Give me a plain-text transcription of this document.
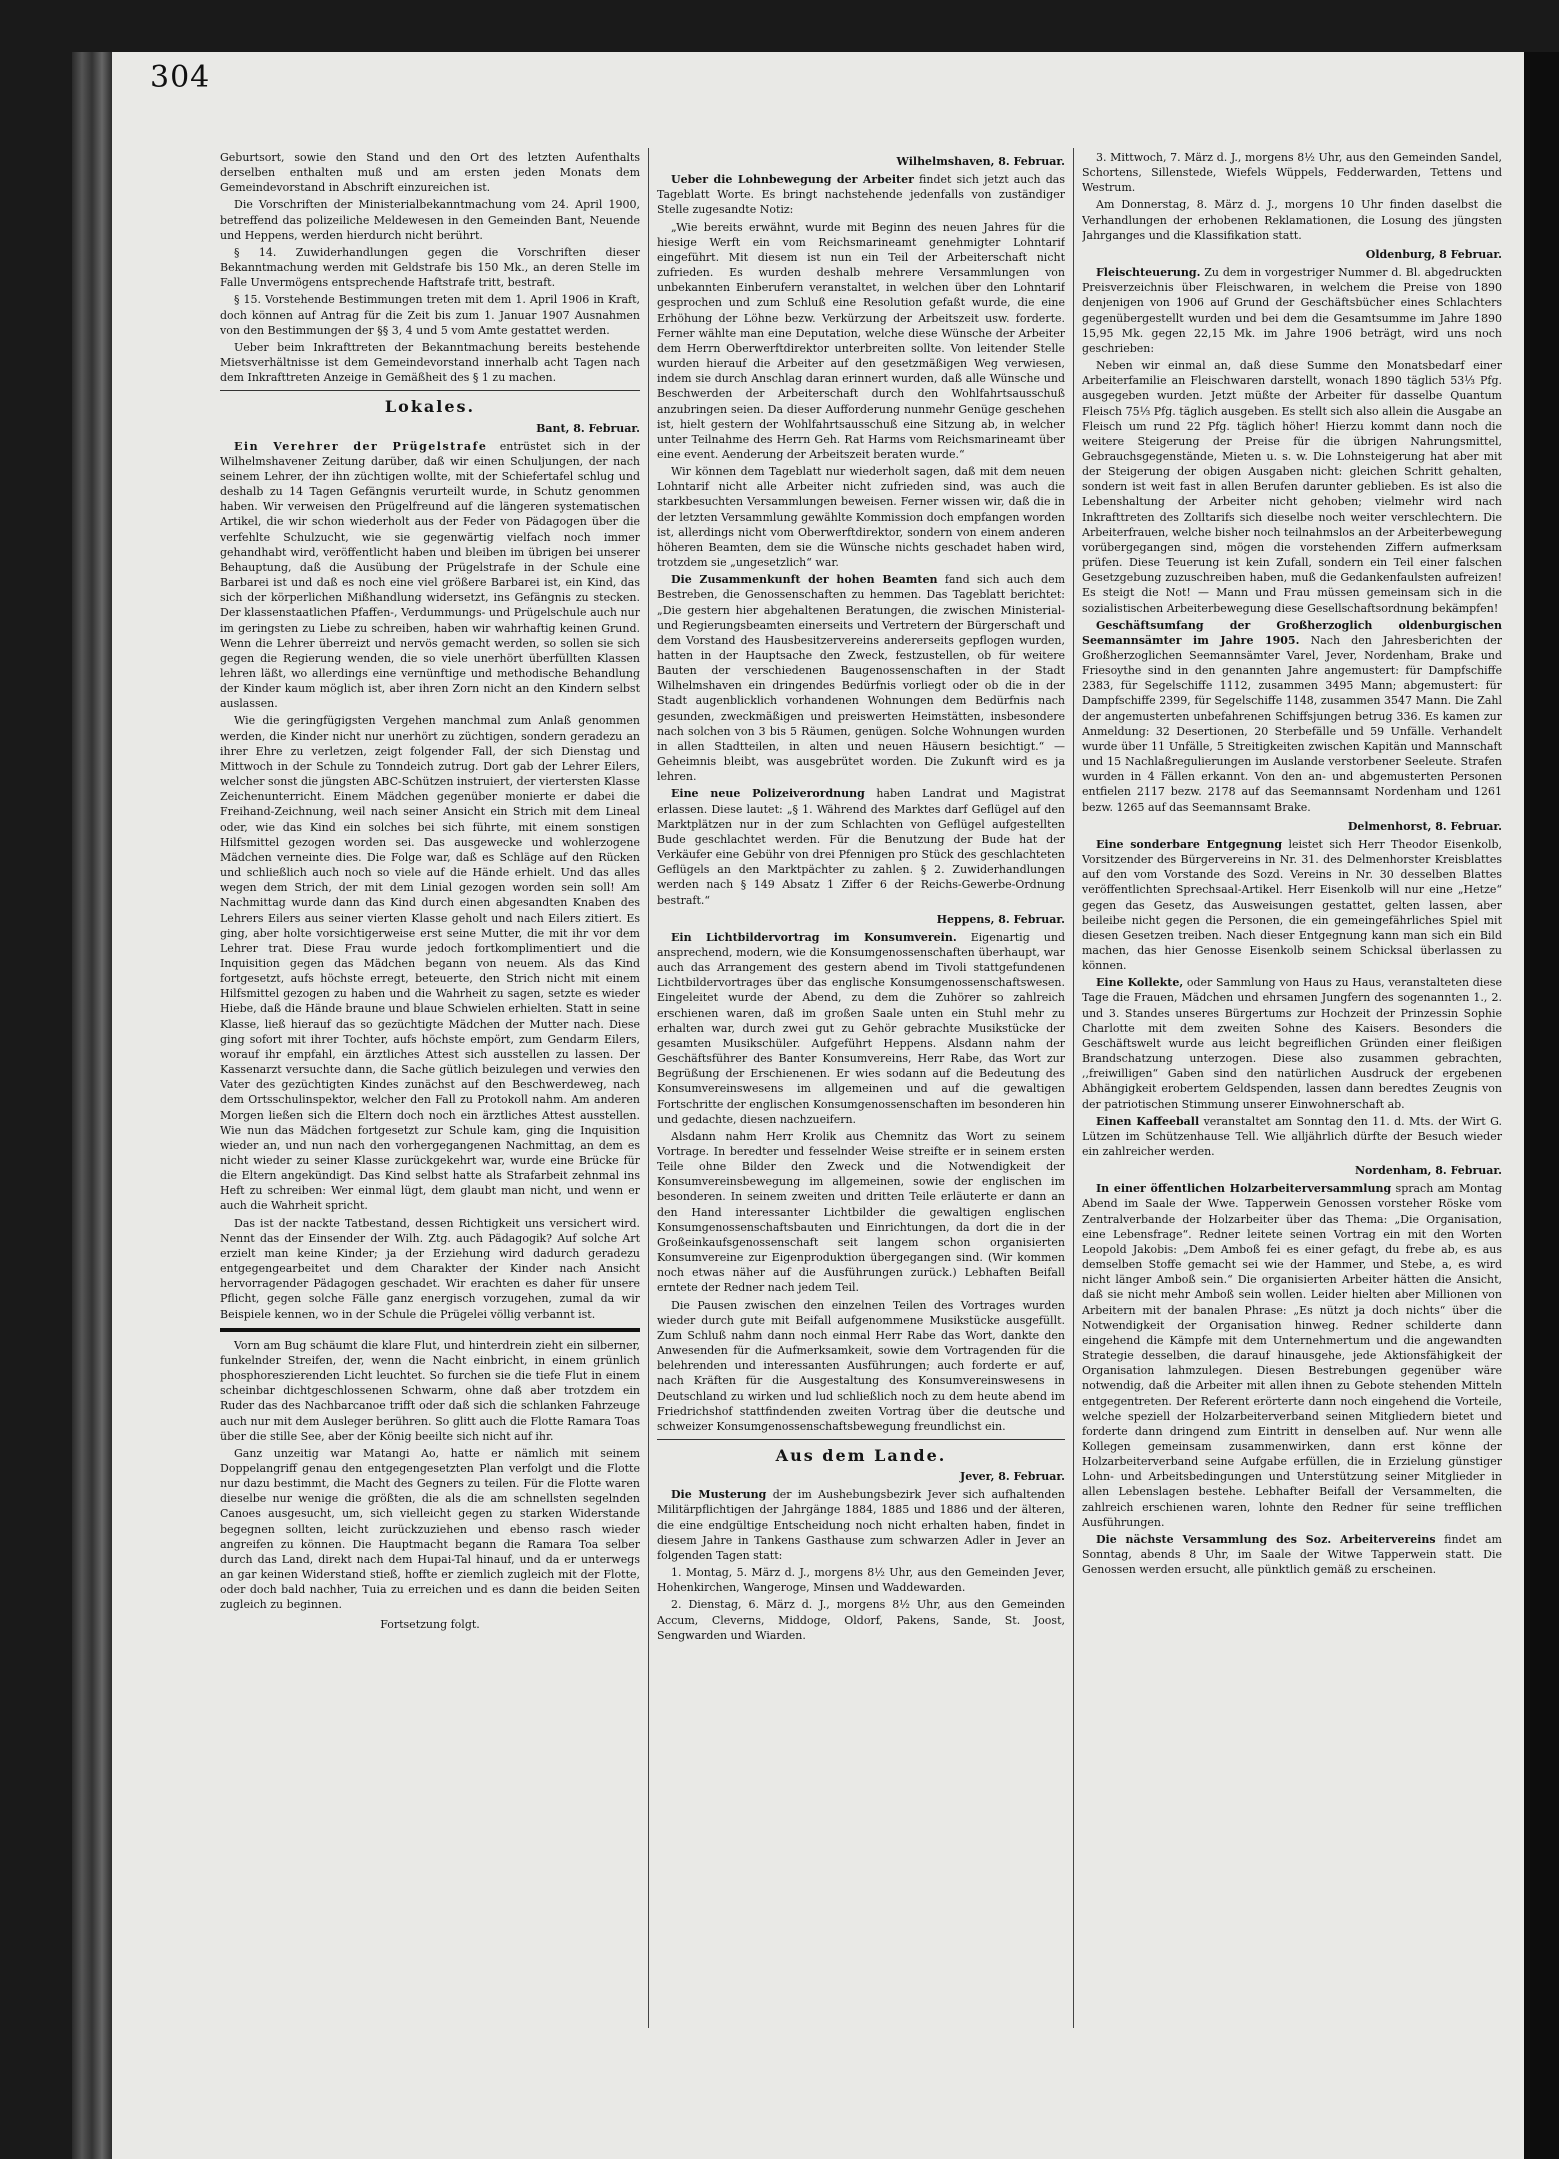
304

Geburtsort, sowie den Stand und den Ort des letzten Aufenthalts derselben enthalten muß und am ersten jeden Monats dem Gemeindevorstand in Abschrift einzureichen ist.

Die Vorschriften der Ministerialbekanntmachung vom 24. April 1900, betreffend das polizeiliche Meldewesen in den Gemeinden Bant, Neuende und Heppens, werden hierdurch nicht berührt.

§ 14. Zuwiderhandlungen gegen die Vorschriften dieser Bekanntmachung werden mit Geldstrafe bis 150 Mk., an deren Stelle im Falle Unvermögens entsprechende Haftstrafe tritt, bestraft.

§ 15. Vorstehende Bestimmungen treten mit dem 1. April 1906 in Kraft, doch können auf Antrag für die Zeit bis zum 1. Januar 1907 Ausnahmen von den Bestimmungen der §§ 3, 4 und 5 vom Amte gestattet werden.

Ueber beim Inkrafttreten der Bekanntmachung bereits bestehende Mietsverhältnisse ist dem Gemeindevorstand innerhalb acht Tagen nach dem Inkrafttreten Anzeige in Gemäßheit des § 1 zu machen.

Lokales.
Bant, 8. Februar.

Ein Verehrer der Prügelstrafe entrüstet sich in der Wilhelmshavener Zeitung darüber, daß wir einen Schuljungen, der nach seinem Lehrer, der ihn züchtigen wollte, mit der Schiefertafel schlug und deshalb zu 14 Tagen Gefängnis verurteilt wurde, in Schutz genommen haben. Wir verweisen den Prügelfreund auf die längeren systematischen Artikel, die wir schon wiederholt aus der Feder von Pädagogen über die verfehlte Schulzucht, wie sie gegenwärtig vielfach noch immer gehandhabt wird, veröffentlicht haben und bleiben im übrigen bei unserer Behauptung, daß die Ausübung der Prügelstrafe in der Schule eine Barbarei ist und daß es noch eine viel größere Barbarei ist, ein Kind, das sich der körperlichen Mißhandlung widersetzt, ins Gefängnis zu stecken. Der klassenstaatlichen Pfaffen-, Verdummungs- und Prügelschule auch nur im geringsten zu Liebe zu schreiben, haben wir wahrhaftig keinen Grund. Wenn die Lehrer überreizt und nervös gemacht werden, so sollen sie sich gegen die Regierung wenden, die so viele unerhört überfüllten Klassen lehren läßt, wo allerdings eine vernünftige und methodische Behandlung der Kinder kaum möglich ist, aber ihren Zorn nicht an den Kindern selbst auslassen.

Wie die geringfügigsten Vergehen manchmal zum Anlaß genommen werden, die Kinder nicht nur unerhört zu züchtigen, sondern geradezu an ihrer Ehre zu verletzen, zeigt folgender Fall, der sich Dienstag und Mittwoch in der Schule zu Tonndeich zutrug. Dort gab der Lehrer Eilers, welcher sonst die jüngsten ABC-Schützen instruiert, der viertersten Klasse Zeichenunterricht. Einem Mädchen gegenüber monierte er dabei die Freihand-Zeichnung, weil nach seiner Ansicht ein Strich mit dem Lineal oder, wie das Kind ein solches bei sich führte, mit einem sonstigen Hilfsmittel gezogen worden sei. Das ausgewecke und wohlerzogene Mädchen verneinte dies. Die Folge war, daß es Schläge auf den Rücken und schließlich auch noch so viele auf die Hände erhielt. Und das alles wegen dem Strich, der mit dem Linial gezogen worden sein soll! Am Nachmittag wurde dann das Kind durch einen abgesandten Knaben des Lehrers Eilers aus seiner vierten Klasse geholt und nach Eilers zitiert. Es ging, aber holte vorsichtigerweise erst seine Mutter, die mit ihr vor dem Lehrer trat. Diese Frau wurde jedoch fortkomplimentiert und die Inquisition gegen das Mädchen begann von neuem. Als das Kind fortgesetzt, aufs höchste erregt, beteuerte, den Strich nicht mit einem Hilfsmittel gezogen zu haben und die Wahrheit zu sagen, setzte es wieder Hiebe, daß die Hände braune und blaue Schwielen erhielten. Statt in seine Klasse, ließ hierauf das so gezüchtigte Mädchen der Mutter nach. Diese ging sofort mit ihrer Tochter, aufs höchste empört, zum Gendarm Eilers, worauf ihr empfahl, ein ärztliches Attest sich ausstellen zu lassen. Der Kassenarzt versuchte dann, die Sache gütlich beizulegen und verwies den Vater des gezüchtigten Kindes zunächst auf den Beschwerdeweg, nach dem Ortsschulinspektor, welcher den Fall zu Protokoll nahm. Am anderen Morgen ließen sich die Eltern doch noch ein ärztliches Attest ausstellen. Wie nun das Mädchen fortgesetzt zur Schule kam, ging die Inquisition wieder an, und nun nach den vorhergegangenen Nachmittag, an dem es nicht wieder zu seiner Klasse zurückgekehrt war, wurde eine Brücke für die Eltern angekündigt. Das Kind selbst hatte als Strafarbeit zehnmal ins Heft zu schreiben: Wer einmal lügt, dem glaubt man nicht, und wenn er auch die Wahrheit spricht.

Das ist der nackte Tatbestand, dessen Richtigkeit uns versichert wird. Nennt das der Einsender der Wilh. Ztg. auch Pädagogik? Auf solche Art erzielt man keine Kinder; ja der Erziehung wird dadurch geradezu entgegengearbeitet und dem Charakter der Kinder nach Ansicht hervorragender Pädagogen geschadet. Wir erachten es daher für unsere Pflicht, gegen solche Fälle ganz energisch vorzugehen, zumal da wir Beispiele kennen, wo in der Schule die Prügelei völlig verbannt ist.

Vorn am Bug schäumt die klare Flut, und hinterdrein zieht ein silberner, funkelnder Streifen, der, wenn die Nacht einbricht, in einem grünlich phosphoreszierenden Licht leuchtet. So furchen sie die tiefe Flut in einem scheinbar dichtgeschlossenen Schwarm, ohne daß aber trotzdem ein Ruder das des Nachbarcanoe trifft oder daß sich die schlanken Fahrzeuge auch nur mit dem Ausleger berühren. So glitt auch die Flotte Ramara Toas über die stille See, aber der König beeilte sich nicht auf ihr.

Ganz unzeitig war Matangi Ao, hatte er nämlich mit seinem Doppelangriff genau den entgegengesetzten Plan verfolgt und die Flotte nur dazu bestimmt, die Macht des Gegners zu teilen. Für die Flotte waren dieselbe nur wenige die größten, die als die am schnellsten segelnden Canoes ausgesucht, um, sich vielleicht gegen zu starken Widerstande begegnen sollten, leicht zurückzuziehen und ebenso rasch wieder angreifen zu können. Die Hauptmacht begann die Ramara Toa selber durch das Land, direkt nach dem Hupai-Tal hinauf, und da er unterwegs an gar keinen Widerstand stieß, hoffte er ziemlich zugleich mit der Flotte, oder doch bald nachher, Tuia zu erreichen und es dann die beiden Seiten zugleich zu beginnen.

Fortsetzung folgt.
Wilhelmshaven, 8. Februar.

Ueber die Lohnbewegung der Arbeiter findet sich jetzt auch das Tageblatt Worte. Es bringt nachstehende jedenfalls von zuständiger Stelle zugesandte Notiz:

„Wie bereits erwähnt, wurde mit Beginn des neuen Jahres für die hiesige Werft ein vom Reichsmarineamt genehmigter Lohntarif eingeführt. Mit diesem ist nun ein Teil der Arbeiterschaft nicht zufrieden. Es wurden deshalb mehrere Versammlungen von unbekannten Einberufern veranstaltet, in welchen über den Lohntarif gesprochen und zum Schluß eine Resolution gefaßt wurde, die eine Erhöhung der Löhne bezw. Verkürzung der Arbeitszeit usw. forderte. Ferner wählte man eine Deputation, welche diese Wünsche der Arbeiter dem Herrn Oberwerftdirektor unterbreiten sollte. Von leitender Stelle wurden hierauf die Arbeiter auf den gesetzmäßigen Weg verwiesen, indem sie durch Anschlag daran erinnert wurden, daß alle Wünsche und Beschwerden der Arbeiterschaft durch den Wohlfahrtsausschuß anzubringen seien. Da dieser Aufforderung nunmehr Genüge geschehen ist, hielt gestern der Wohlfahrtsausschuß eine Sitzung ab, in welcher unter Teilnahme des Herrn Geh. Rat Harms vom Reichsmarineamt über eine event. Aenderung der Arbeitszeit beraten wurde.“

Wir können dem Tageblatt nur wiederholt sagen, daß mit dem neuen Lohntarif nicht alle Arbeiter nicht zufrieden sind, was auch die starkbesuchten Versammlungen beweisen. Ferner wissen wir, daß die in der letzten Versammlung gewählte Kommission doch empfangen worden ist, allerdings nicht vom Oberwerftdirektor, sondern von einem anderen höheren Beamten, dem sie die Wünsche nichts geschadet haben wird, trotzdem sie „ungesetzlich“ war.

Die Zusammenkunft der hohen Beamten fand sich auch dem Bestreben, die Genossenschaften zu hemmen. Das Tageblatt berichtet: „Die gestern hier abgehaltenen Beratungen, die zwischen Ministerial- und Regierungsbeamten einerseits und Vertretern der Bürgerschaft und dem Vorstand des Hausbesitzervereins andererseits gepflogen wurden, hatten in der Hauptsache den Zweck, festzustellen, ob für weitere Bauten der verschiedenen Baugenossenschaften in der Stadt Wilhelmshaven ein dringendes Bedürfnis vorliegt oder ob die in der Stadt augenblicklich vorhandenen Wohnungen dem Bedürfnis nach gesunden, zweckmäßigen und preiswerten Heimstätten, insbesondere nach solchen von 3 bis 5 Räumen, genügen. Solche Wohnungen wurden in allen Stadtteilen, in alten und neuen Häusern besichtigt.“ — Geheimnis bleibt, was ausgebrütet worden. Die Zukunft wird es ja lehren.

Eine neue Polizeiverordnung haben Landrat und Magistrat erlassen. Diese lautet: „§ 1. Während des Marktes darf Geflügel auf den Marktplätzen nur in der zum Schlachten von Geflügel aufgestellten Bude geschlachtet werden. Für die Benutzung der Bude hat der Verkäufer eine Gebühr von drei Pfennigen pro Stück des geschlachteten Geflügels an den Marktpächter zu zahlen. § 2. Zuwiderhandlungen werden nach § 149 Absatz 1 Ziffer 6 der Reichs-Gewerbe-Ordnung bestraft.“

Heppens, 8. Februar.

Ein Lichtbildervortrag im Konsumverein. Eigenartig und ansprechend, modern, wie die Konsumgenossenschaften überhaupt, war auch das Arrangement des gestern abend im Tivoli stattgefundenen Lichtbildervortrages über das englische Konsumgenossenschaftswesen. Eingeleitet wurde der Abend, zu dem die Zuhörer so zahlreich erschienen waren, daß im großen Saale unten ein Stuhl mehr zu erhalten war, durch zwei gut zu Gehör gebrachte Musikstücke der gesamten Musikschüler. Aufgeführt Heppens. Alsdann nahm der Geschäftsführer des Banter Konsumvereins, Herr Rabe, das Wort zur Begrüßung der Erschienenen. Er wies sodann auf die Bedeutung des Konsumvereinswesens im allgemeinen und auf die gewaltigen Fortschritte der englischen Konsumgenossenschaften im besonderen hin und gedachte, diesen nachzueifern.

Alsdann nahm Herr Krolik aus Chemnitz das Wort zu seinem Vortrage. In beredter und fesselnder Weise streifte er in seinem ersten Teile ohne Bilder den Zweck und die Notwendigkeit der Konsumvereinsbewegung im allgemeinen, sowie der englischen im besonderen. In seinem zweiten und dritten Teile erläuterte er dann an den Hand interessanter Lichtbilder die gewaltigen englischen Konsumgenossenschaftsbauten und Einrichtungen, da dort die in der Großeinkaufsgenossenschaft seit langem schon organisierten Konsumvereine zur Eigenproduktion übergegangen sind. (Wir kommen noch etwas näher auf die Ausführungen zurück.) Lebhaften Beifall erntete der Redner nach jedem Teil.

Die Pausen zwischen den einzelnen Teilen des Vortrages wurden wieder durch gute mit Beifall aufgenommene Musikstücke ausgefüllt. Zum Schluß nahm dann noch einmal Herr Rabe das Wort, dankte den Anwesenden für die Aufmerksamkeit, sowie dem Vortragenden für die belehrenden und interessanten Ausführungen; auch forderte er auf, nach Kräften für die Ausgestaltung des Konsumvereinswesens in Deutschland zu wirken und lud schließlich noch zu dem heute abend im Friedrichshof stattfindenden zweiten Vortrag über die deutsche und schweizer Konsumgenossenschaftsbewegung freundlichst ein.

Aus dem Lande.
Jever, 8. Februar.

Die Musterung der im Aushebungsbezirk Jever sich aufhaltenden Militärpflichtigen der Jahrgänge 1884, 1885 und 1886 und der älteren, die eine endgültige Entscheidung noch nicht erhalten haben, findet in diesem Jahre in Tankens Gasthause zum schwarzen Adler in Jever an folgenden Tagen statt:

1. Montag, 5. März d. J., morgens 8½ Uhr, aus den Gemeinden Jever, Hohenkirchen, Wangeroge, Minsen und Waddewarden.

2. Dienstag, 6. März d. J., morgens 8½ Uhr, aus den Gemeinden Accum, Cleverns, Middoge, Oldorf, Pakens, Sande, St. Joost, Sengwarden und Wiarden.

3. Mittwoch, 7. März d. J., morgens 8½ Uhr, aus den Gemeinden Sandel, Schortens, Sillenstede, Wiefels Wüppels, Fedderwarden, Tettens und Westrum.

Am Donnerstag, 8. März d. J., morgens 10 Uhr finden daselbst die Verhandlungen der erhobenen Reklamationen, die Losung des jüngsten Jahrganges und die Klassifikation statt.

Oldenburg, 8 Februar.

Fleischteuerung. Zu dem in vorgestriger Nummer d. Bl. abgedruckten Preisverzeichnis über Fleischwaren, in welchem die Preise von 1890 denjenigen von 1906 auf Grund der Geschäftsbücher eines Schlachters gegenübergestellt wurden und bei dem die Gesamtsumme im Jahre 1890 15,95 Mk. gegen 22,15 Mk. im Jahre 1906 beträgt, wird uns noch geschrieben:

Neben wir einmal an, daß diese Summe den Monatsbedarf einer Arbeiterfamilie an Fleischwaren darstellt, wonach 1890 täglich 53⅓ Pfg. ausgegeben wurden. Jetzt müßte der Arbeiter für dasselbe Quantum Fleisch 75⅓ Pfg. täglich ausgeben. Es stellt sich also allein die Ausgabe an Fleisch um rund 22 Pfg. täglich höher! Hierzu kommt dann noch die weitere Steigerung der Preise für die übrigen Nahrungsmittel, Gebrauchsgegenstände, Mieten u. s. w. Die Lohnsteigerung hat aber mit der Steigerung der obigen Ausgaben nicht: gleichen Schritt gehalten, sondern ist weit fast in allen Berufen darunter geblieben. Es ist also die Lebenshaltung der Arbeiter nicht gehoben; vielmehr wird nach Inkrafttreten des Zolltarifs sich dieselbe noch weiter verschlechtern. Die Arbeiterfrauen, welche bisher noch teilnahmslos an der Arbeiterbewegung vorübergegangen sind, mögen die vorstehenden Ziffern aufmerksam prüfen. Diese Teuerung ist kein Zufall, sondern ein Teil einer falschen Gesetzgebung zuzuschreiben haben, muß die Gedankenfaulsten aufreizen! Es steigt die Not! — Mann und Frau müssen gemeinsam sich in die sozialistischen Arbeiterbewegung diese Gesellschaftsordnung bekämpfen!

Geschäftsumfang der Großherzoglich oldenburgischen Seemannsämter im Jahre 1905. Nach den Jahresberichten der Großherzoglichen Seemannsämter Varel, Jever, Nordenham, Brake und Friesoythe sind in den genannten Jahre angemustert: für Dampfschiffe 2383, für Segelschiffe 1112, zusammen 3495 Mann; abgemustert: für Dampfschiffe 2399, für Segelschiffe 1148, zusammen 3547 Mann. Die Zahl der angemusterten unbefahrenen Schiffsjungen betrug 336. Es kamen zur Anmeldung: 32 Desertionen, 20 Sterbefälle und 59 Unfälle. Verhandelt wurde über 11 Unfälle, 5 Streitigkeiten zwischen Kapitän und Mannschaft und 15 Nachlaßregulierungen im Auslande verstorbener Seeleute. Strafen wurden in 4 Fällen erkannt. Von den an- und abgemusterten Personen entfielen 2117 bezw. 2178 auf das Seemannsamt Nordenham und 1261 bezw. 1265 auf das Seemannsamt Brake.

Delmenhorst, 8. Februar.

Eine sonderbare Entgegnung leistet sich Herr Theodor Eisenkolb, Vorsitzender des Bürgervereins in Nr. 31. des Delmenhorster Kreisblattes auf den vom Vorstande des Sozd. Vereins in Nr. 30 desselben Blattes veröffentlichten Sprechsaal-Artikel. Herr Eisenkolb will nur eine „Hetze“ gegen das Gesetz, das Ausweisungen gestattet, gelten lassen, aber beileibe nicht gegen die Personen, die ein gemeingefährliches Spiel mit diesen Gesetzen treiben. Nach dieser Entgegnung kann man sich ein Bild machen, das hier Genosse Eisenkolb seinem Schicksal überlassen zu können.

Eine Kollekte, oder Sammlung von Haus zu Haus, veranstalteten diese Tage die Frauen, Mädchen und ehrsamen Jungfern des sogenannten 1., 2. und 3. Standes unseres Bürgertums zur Hochzeit der Prinzessin Sophie Charlotte mit dem zweiten Sohne des Kaisers. Besonders die Geschäftswelt wurde aus leicht begreiflichen Gründen einer fleißigen Brandschatzung unterzogen. Diese also zusammen gebrachten, ,,freiwilligen“ Gaben sind den natürlichen Ausdruck der ergebenen Abhängigkeit erobertem Geldspenden, lassen dann beredtes Zeugnis von der patriotischen Stimmung unserer Einwohnerschaft ab.

Einen Kaffeeball veranstaltet am Sonntag den 11. d. Mts. der Wirt G. Lützen im Schützenhause Tell. Wie alljährlich dürfte der Besuch wieder ein zahlreicher werden.

Nordenham, 8. Februar.

In einer öffentlichen Holzarbeiterversammlung sprach am Montag Abend im Saale der Wwe. Tapperwein Genossen vorsteher Röske vom Zentralverbande der Holzarbeiter über das Thema: „Die Organisation, eine Lebensfrage“. Redner leitete seinen Vortrag ein mit den Worten Leopold Jakobis: „Dem Amboß fei es einer gefagt, du frebe ab, es aus demselben Stoffe gemacht sei wie der Hammer, und Stebe, a, es wird nicht länger Amboß sein.“ Die organisierten Arbeiter hätten die Ansicht, daß sie nicht mehr Amboß sein wollen. Leider hielten aber Millionen von Arbeitern mit der banalen Phrase: „Es nützt ja doch nichts“ über die Notwendigkeit der Organisation hinweg. Redner schilderte dann eingehend die Kämpfe mit dem Unternehmertum und die angewandten Strategie desselben, die darauf hinausgehe, jede Aktionsfähigkeit der Organisation lahmzulegen. Diesen Bestrebungen gegenüber wäre notwendig, daß die Arbeiter mit allen ihnen zu Gebote stehenden Mitteln entgegentreten. Der Referent erörterte dann noch eingehend die Vorteile, welche speziell der Holzarbeiterverband seinen Mitgliedern bietet und forderte dann dringend zum Eintritt in denselben auf. Nur wenn alle Kollegen gemeinsam zusammenwirken, dann erst könne der Holzarbeiterverband seine Aufgabe erfüllen, die in Erzielung günstiger Lohn- und Arbeitsbedingungen und Unterstützung seiner Mitglieder in allen Lebenslagen bestehe. Lebhafter Beifall der Versammelten, die zahlreich erschienen waren, lohnte den Redner für seine trefflichen Ausführungen.

Die nächste Versammlung des Soz. Arbeitervereins findet am Sonntag, abends 8 Uhr, im Saale der Witwe Tapperwein statt. Die Genossen werden ersucht, alle pünktlich gemäß zu erscheinen.
